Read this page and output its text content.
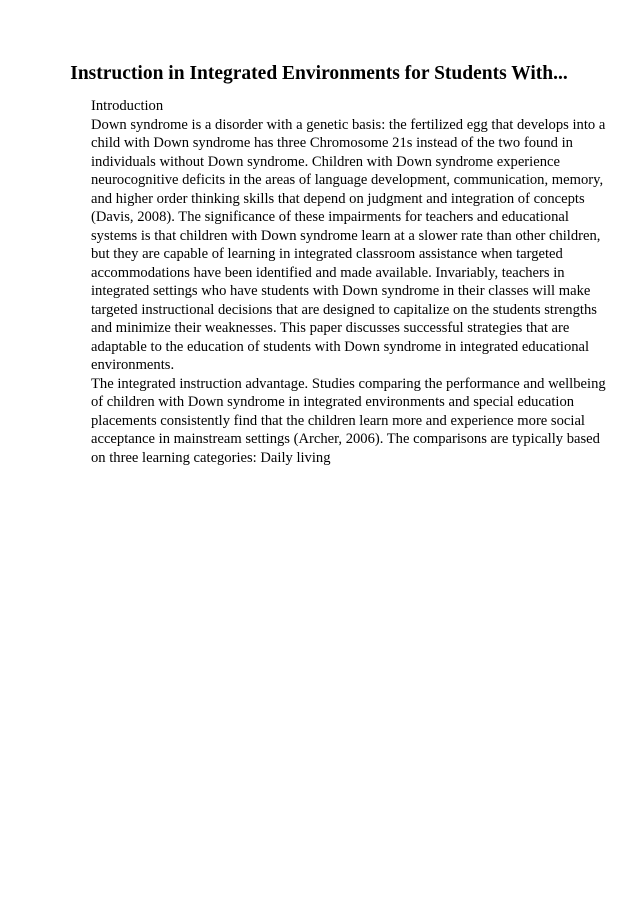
Instruction in Integrated Environments for Students With...

Introduction

Down syndrome is a disorder with a genetic basis: the fertilized egg that develops into a child with Down syndrome has three Chromosome 21s instead of the two found in individuals without Down syndrome. Children with Down syndrome experience neurocognitive deficits in the areas of language development, communication, memory, and higher order thinking skills that depend on judgment and integration of concepts (Davis, 2008). The significance of these impairments for teachers and educational systems is that children with Down syndrome learn at a slower rate than other children, but they are capable of learning in integrated classroom assistance when targeted accommodations have been identified and made available. Invariably, teachers in integrated settings who have students with Down syndrome in their classes will make targeted instructional decisions that are designed to capitalize on the students strengths and minimize their weaknesses. This paper discusses successful strategies that are adaptable to the education of students with Down syndrome in integrated educational environments.

The integrated instruction advantage. Studies comparing the performance and wellbeing of children with Down syndrome in integrated environments and special education placements consistently find that the children learn more and experience more social acceptance in mainstream settings (Archer, 2006). The comparisons are typically based on three learning categories: Daily living
